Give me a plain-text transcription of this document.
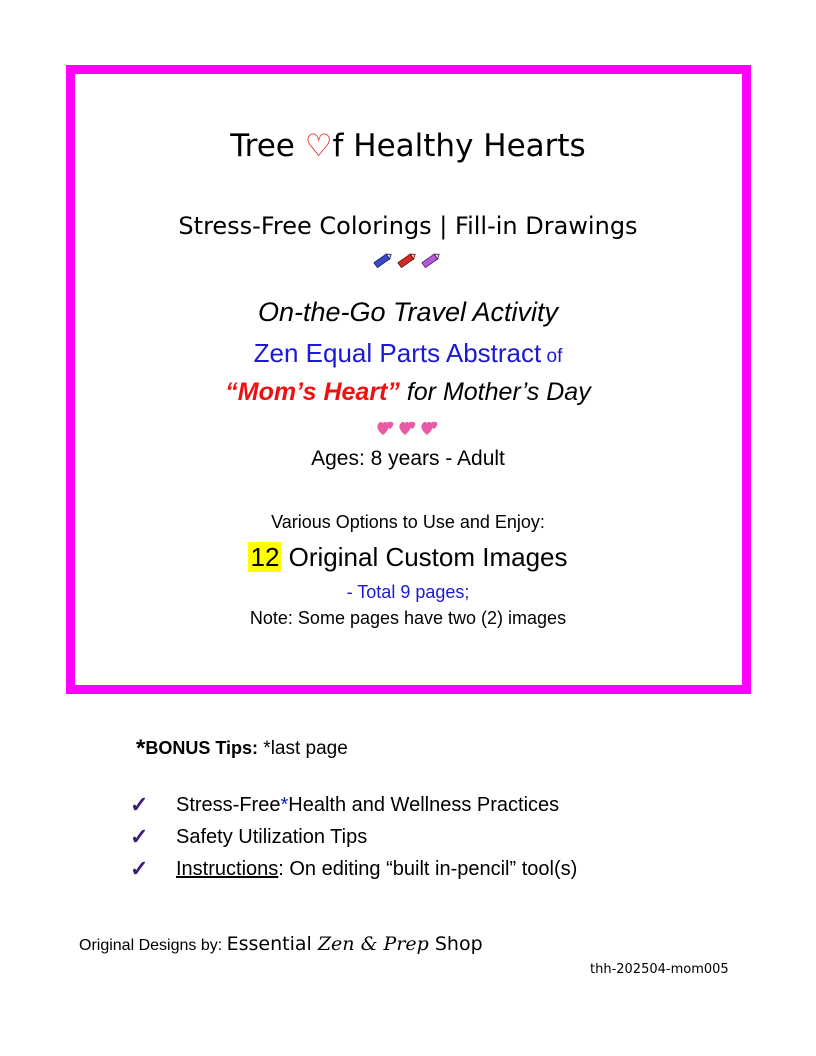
Tree ♡f Healthy Hearts
Stress-Free Colorings | Fill-in Drawings
On-the-Go Travel Activity
Zen Equal Parts Abstract of
“Mom’s Heart” for Mother’s Day
Ages: 8 years - Adult
Various Options to Use and Enjoy:
12 Original Custom Images
- Total 9 pages;
Note: Some pages have two (2) images
*BONUS Tips: *last page
✓	Stress-Free * Health and Wellness Practices
✓	Safety Utilization Tips
✓	Instructions : On editing “built in-pencil” tool(s)
Original Designs by: Essential Zen & Prep Shop
thh-202504-mom005
